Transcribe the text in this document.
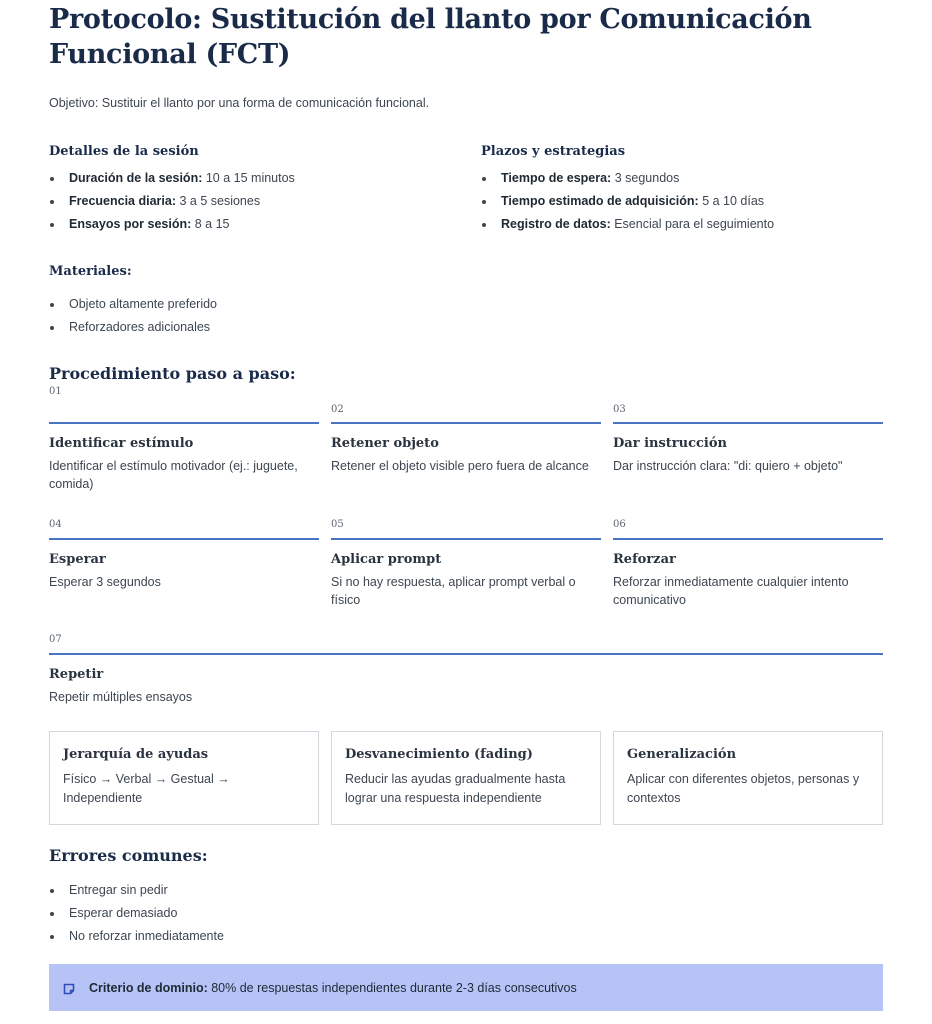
Protocolo: Sustitución del llanto por Comunicación Funcional (FCT)

Objetivo: Sustituir el llanto por una forma de comunicación funcional.

Detalles de la sesión
Duración de la sesión: 10 a 15 minutos
Frecuencia diaria: 3 a 5 sesiones
Ensayos por sesión: 8 a 15
Plazos y estrategias
Tiempo de espera: 3 segundos
Tiempo estimado de adquisición: 5 a 10 días
Registro de datos: Esencial para el seguimiento
Materiales:
Objeto altamente preferido
Reforzadores adicionales
Procedimiento paso a paso:
01
Identificar estímulo
Identificar el estímulo motivador (ej.: juguete, comida)
02
Retener objeto
Retener el objeto visible pero fuera de alcance
03
Dar instrucción
Dar instrucción clara: "di: quiero + objeto"
04
Esperar
Esperar 3 segundos
05
Aplicar prompt
Si no hay respuesta, aplicar prompt verbal o físico
06
Reforzar
Reforzar inmediatamente cualquier intento comunicativo
07
Repetir
Repetir múltiples ensayos
Jerarquía de ayudas
Físico → Verbal → Gestual → Independiente
Desvanecimiento (fading)
Reducir las ayudas gradualmente hasta lograr una respuesta independiente
Generalización
Aplicar con diferentes objetos, personas y contextos
Errores comunes:
Entregar sin pedir
Esperar demasiado
No reforzar inmediatamente
Criterio de dominio: 80% de respuestas independientes durante 2-3 días consecutivos
